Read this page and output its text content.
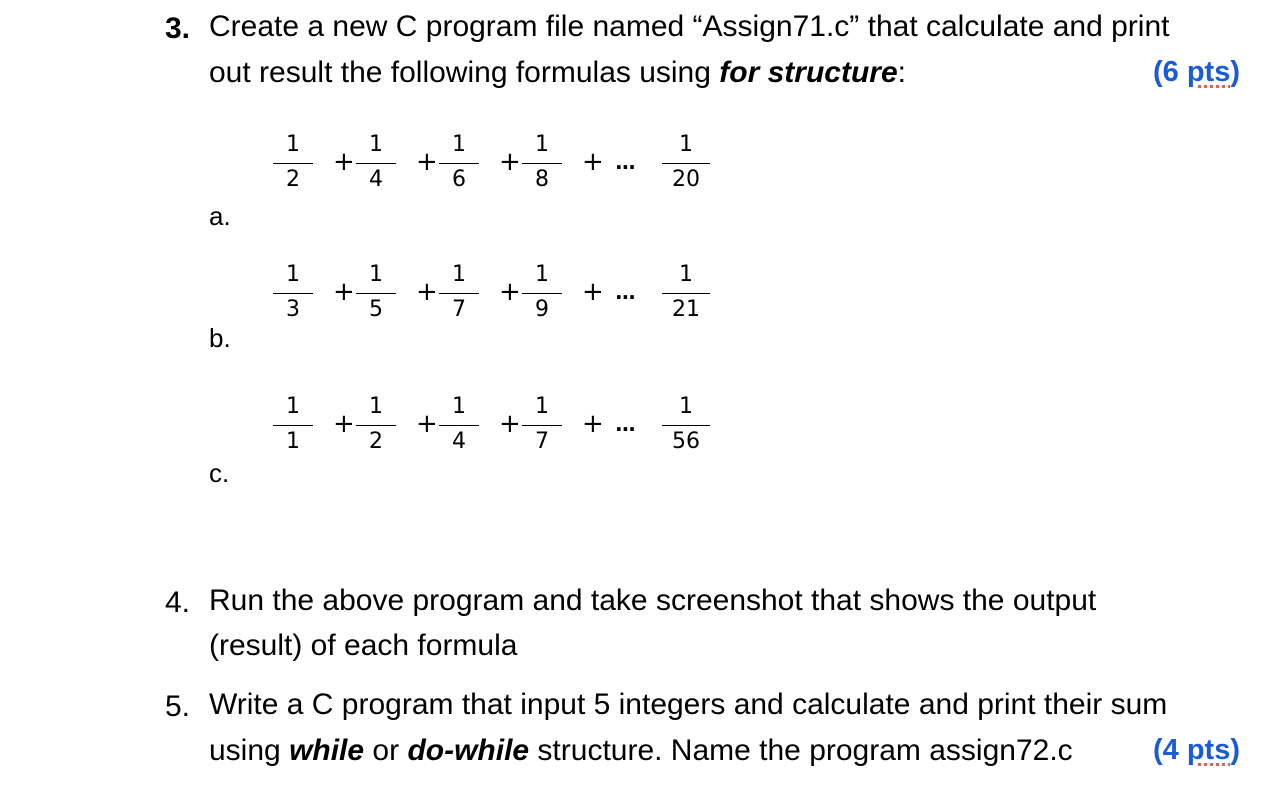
3. Create a new C program file named “Assign71.c” that calculate and print
out result the following formulas using for structure:	(6 pts)
a.
1
2
+
1
4
+
1
6
+
1
8
+ ...
1
20
b.
1
3
+
1
5
+
1
7
+
1
9
+ ...
1
21
c.
1
1
+
1
2
+
1
4
+
1
7
+ ...
1
56
4. Run the above program and take screenshot that shows the output
(result) of each formula
5. Write a C program that input 5 integers and calculate and print their sum
using while or do-while structure. Name the program assign72.c	(4 pts)
